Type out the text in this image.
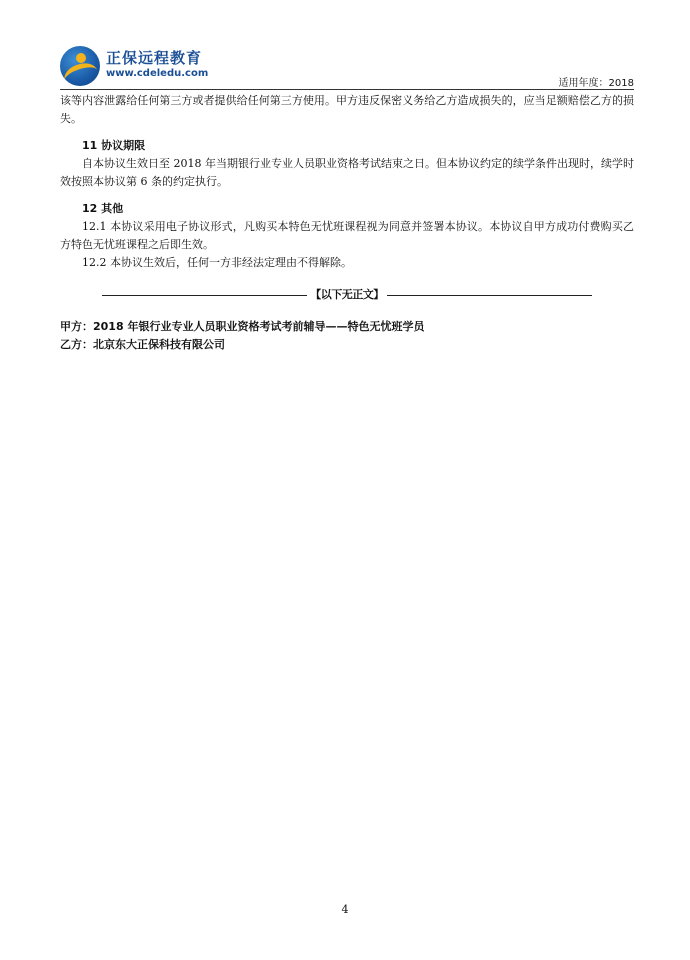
正保远程教育
www.cdeledu.com
适用年度：2018

该等内容泄露给任何第三方或者提供给任何第三方使用。甲方违反保密义务给乙方造成损失的，应当足额赔偿乙方的损失。

11 协议期限

自本协议生效日至 2018 年当期银行业专业人员职业资格考试结束之日。但本协议约定的续学条件出现时，续学时效按照本协议第 6 条的约定执行。

12 其他

12.1 本协议采用电子协议形式，凡购买本特色无忧班课程视为同意并签署本协议。本协议自甲方成功付费购买乙方特色无忧班课程之后即生效。

12.2 本协议生效后，任何一方非经法定理由不得解除。

【以下无正文】

甲方：2018 年银行业专业人员职业资格考试考前辅导——特色无忧班学员

乙方：北京东大正保科技有限公司

4
